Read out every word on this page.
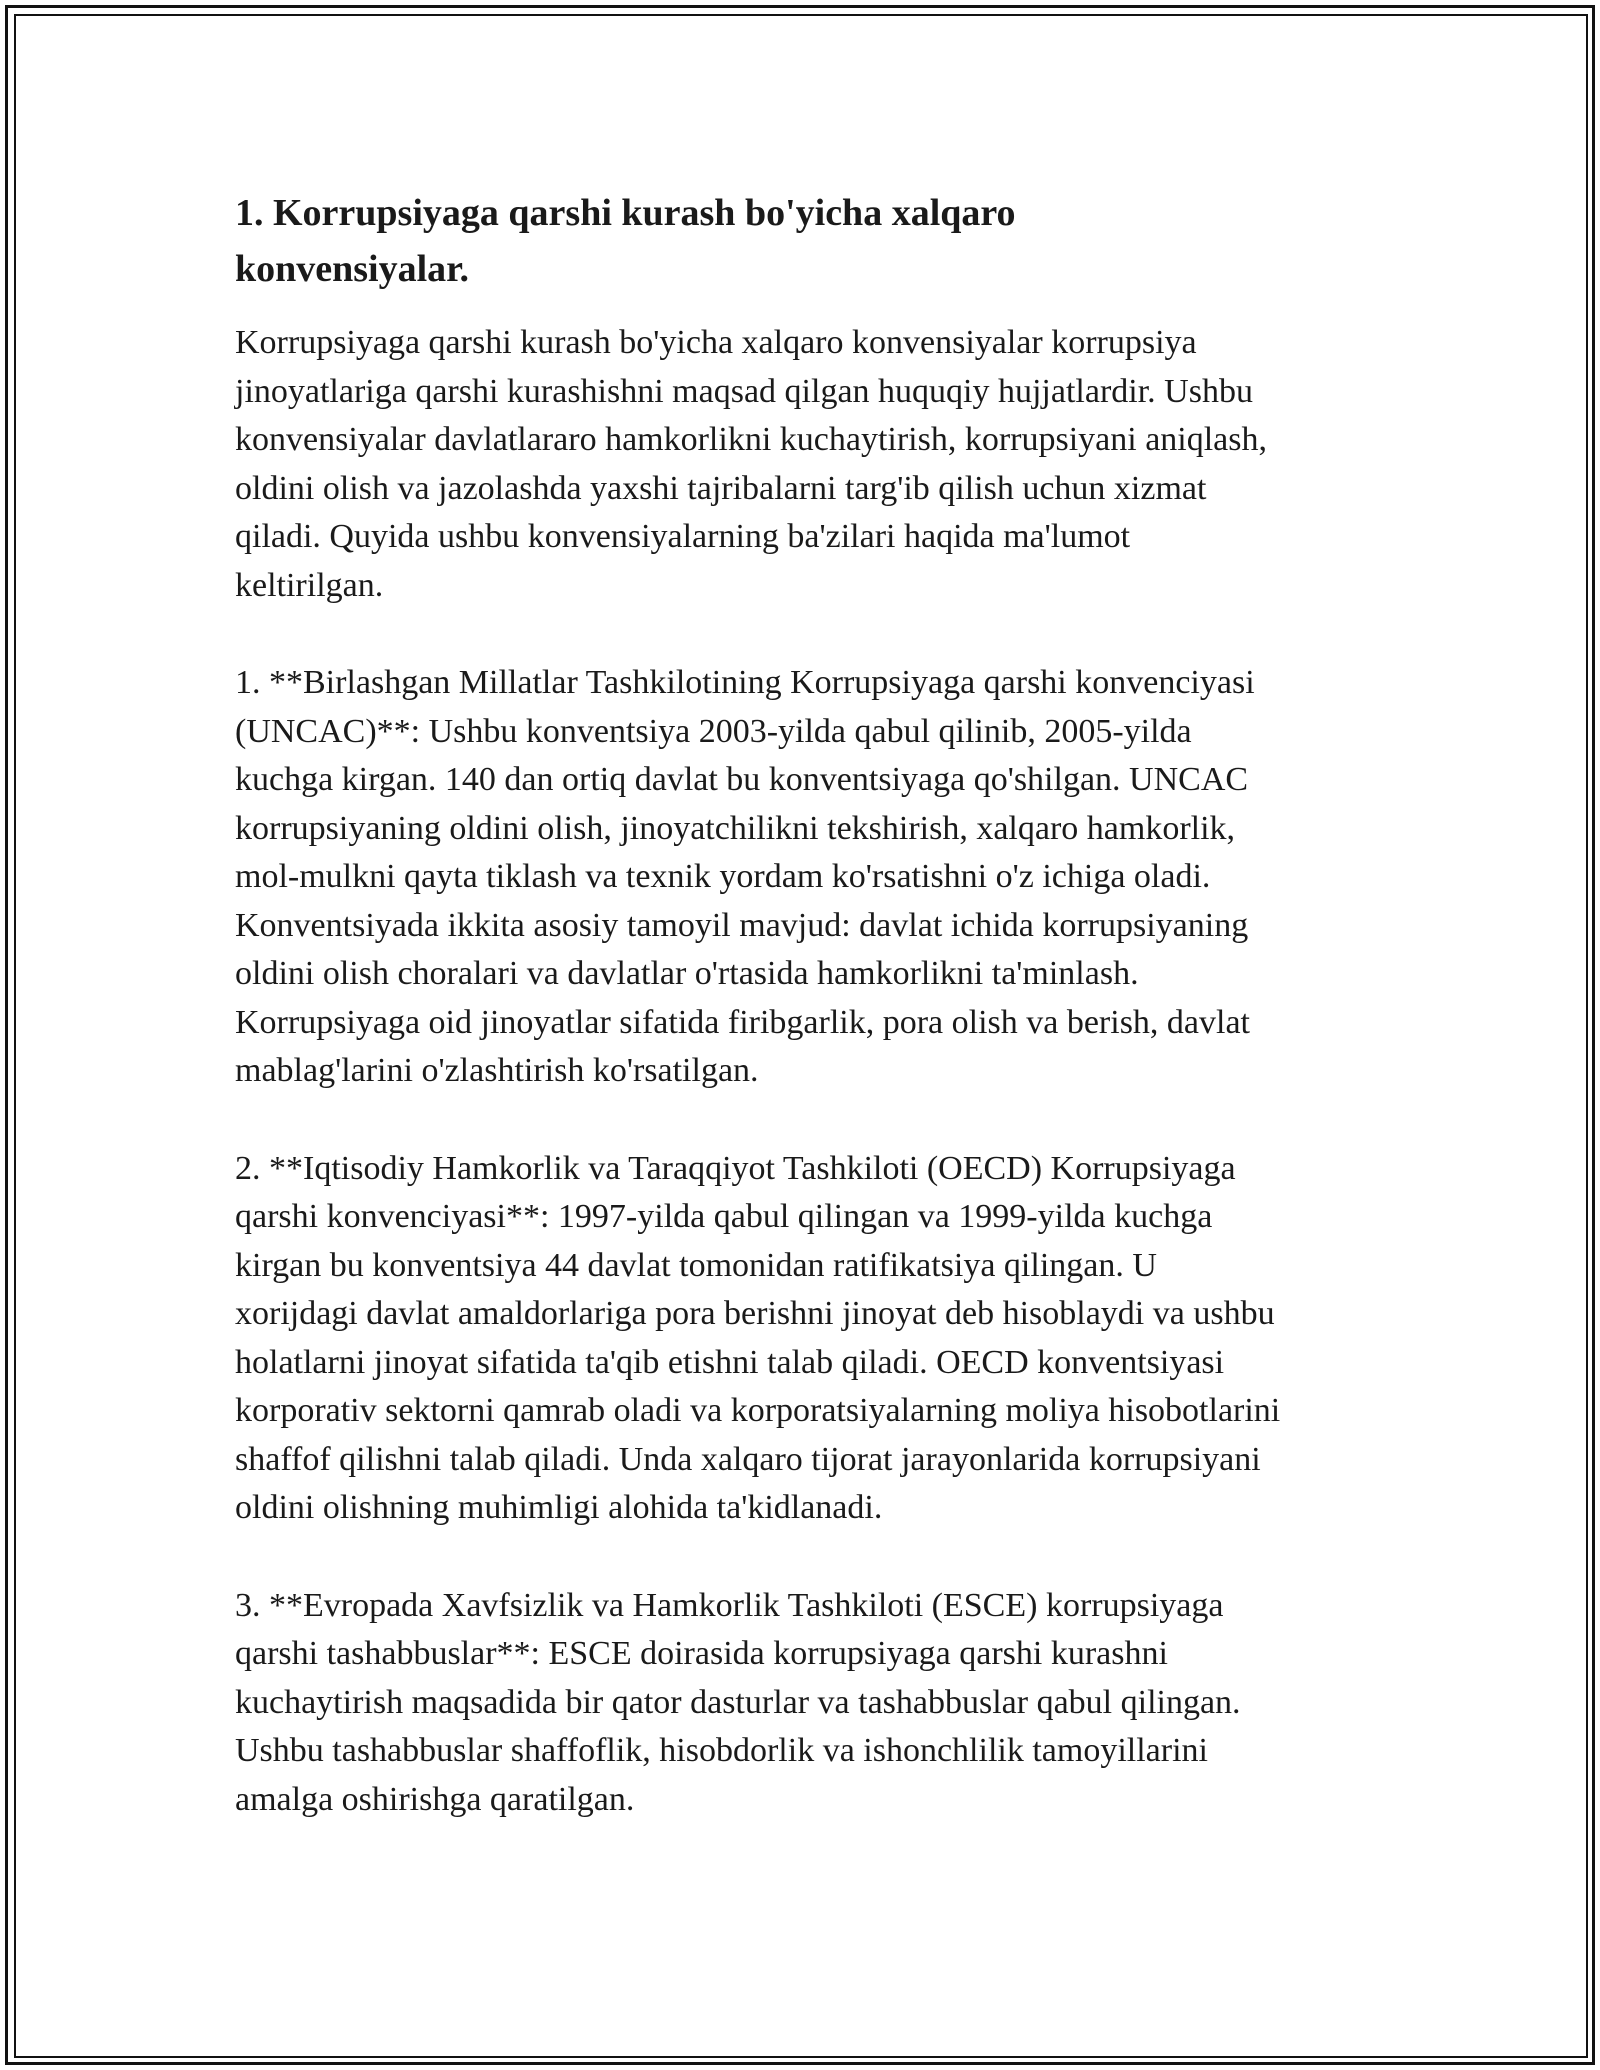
1. Korrupsiyaga qarshi kurash bo'yicha xalqaro
konvensiyalar.

Korrupsiyaga qarshi kurash bo'yicha xalqaro konvensiyalar korrupsiya
jinoyatlariga qarshi kurashishni maqsad qilgan huquqiy hujjatlardir. Ushbu
konvensiyalar davlatlararo hamkorlikni kuchaytirish, korrupsiyani aniqlash,
oldini olish va jazolashda yaxshi tajribalarni targ'ib qilish uchun xizmat
qiladi. Quyida ushbu konvensiyalarning ba'zilari haqida ma'lumot
keltirilgan.

1. **Birlashgan Millatlar Tashkilotining Korrupsiyaga qarshi konvenciyasi
(UNCAC)**: Ushbu konventsiya 2003-yilda qabul qilinib, 2005-yilda
kuchga kirgan. 140 dan ortiq davlat bu konventsiyaga qo'shilgan. UNCAC
korrupsiyaning oldini olish, jinoyatchilikni tekshirish, xalqaro hamkorlik,
mol-mulkni qayta tiklash va texnik yordam ko'rsatishni o'z ichiga oladi.
Konventsiyada ikkita asosiy tamoyil mavjud: davlat ichida korrupsiyaning
oldini olish choralari va davlatlar o'rtasida hamkorlikni ta'minlash.
Korrupsiyaga oid jinoyatlar sifatida firibgarlik, pora olish va berish, davlat
mablag'larini o'zlashtirish ko'rsatilgan.

2. **Iqtisodiy Hamkorlik va Taraqqiyot Tashkiloti (OECD) Korrupsiyaga
qarshi konvenciyasi**: 1997-yilda qabul qilingan va 1999-yilda kuchga
kirgan bu konventsiya 44 davlat tomonidan ratifikatsiya qilingan. U
xorijdagi davlat amaldorlariga pora berishni jinoyat deb hisoblaydi va ushbu
holatlarni jinoyat sifatida ta'qib etishni talab qiladi. OECD konventsiyasi
korporativ sektorni qamrab oladi va korporatsiyalarning moliya hisobotlarini
shaffof qilishni talab qiladi. Unda xalqaro tijorat jarayonlarida korrupsiyani
oldini olishning muhimligi alohida ta'kidlanadi.

3. **Evropada Xavfsizlik va Hamkorlik Tashkiloti (ESCE) korrupsiyaga
qarshi tashabbuslar**: ESCE doirasida korrupsiyaga qarshi kurashni
kuchaytirish maqsadida bir qator dasturlar va tashabbuslar qabul qilingan.
Ushbu tashabbuslar shaffoflik, hisobdorlik va ishonchlilik tamoyillarini
amalga oshirishga qaratilgan.
